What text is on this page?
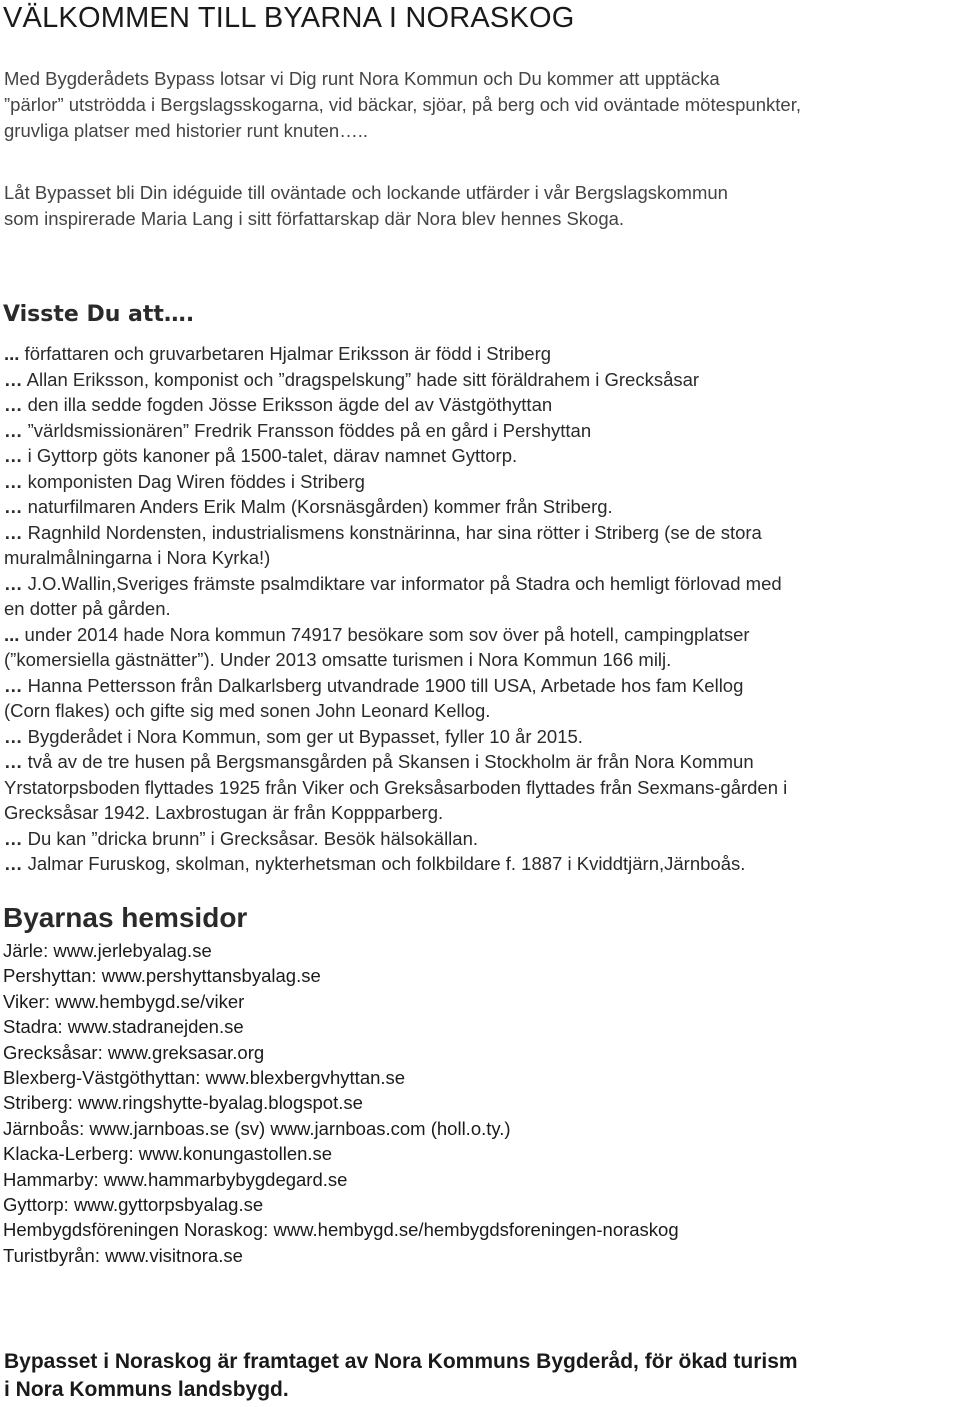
VÄLKOMMEN TILL BYARNA I NORASKOG

Med Bygderådets Bypass lotsar vi Dig runt Nora Kommun och Du kommer att upptäcka
”pärlor” utströdda i Bergslagsskogarna, vid bäckar, sjöar, på berg och vid oväntade mötespunkter,
gruvliga platser med historier runt knuten…..

Låt Bypasset bli Din idéguide till oväntade och lockande utfärder i vår Bergslagskommun
som inspirerade Maria Lang i sitt författarskap där Nora blev hennes Skoga.

Visste Du att….
... författaren och gruvarbetaren Hjalmar Eriksson är född i Striberg
… Allan Eriksson, komponist och ”dragspelskung” hade sitt föräldrahem i Grecksåsar
… den illa sedde fogden Jösse Eriksson ägde del av Västgöthyttan
… ”världsmissionären” Fredrik Fransson föddes på en gård i Pershyttan
… i Gyttorp göts kanoner på 1500-talet, därav namnet Gyttorp.
… komponisten Dag Wiren föddes i Striberg
… naturfilmaren Anders Erik Malm (Korsnäsgården) kommer från Striberg.
… Ragnhild Nordensten, industrialismens konstnärinna, har sina rötter i Striberg (se de stora
muralmålningarna i Nora Kyrka!)
… J.O.Wallin,Sveriges främste psalmdiktare var informator på Stadra och hemligt förlovad med
en dotter på gården.
... under 2014 hade Nora kommun 74917 besökare som sov över på hotell, campingplatser
(”komersiella gästnätter”). Under 2013 omsatte turismen i Nora Kommun 166 milj.
… Hanna Pettersson från Dalkarlsberg utvandrade 1900 till USA, Arbetade hos fam Kellog
(Corn flakes) och gifte sig med sonen John Leonard Kellog.
… Bygderådet i Nora Kommun, som ger ut Bypasset, fyller 10 år 2015.
… två av de tre husen på Bergsmansgården på Skansen i Stockholm är från Nora Kommun
Yrstatorpsboden flyttades 1925 från Viker och Greksåsarboden flyttades från Sexmans-gården i
Grecksåsar 1942. Laxbrostugan är från Koppparberg.
… Du kan ”dricka brunn” i Grecksåsar. Besök hälsokällan.
… Jalmar Furuskog, skolman, nykterhetsman och folkbildare f. 1887 i Kviddtjärn,Järnboås.
Byarnas hemsidor
Järle: www.jerlebyalag.se
Pershyttan: www.pershyttansbyalag.se
Viker: www.hembygd.se/viker
Stadra: www.stadranejden.se
Grecksåsar: www.greksasar.org
Blexberg-Västgöthyttan: www.blexbergvhyttan.se
Striberg: www.ringshytte-byalag.blogspot.se
Järnboås: www.jarnboas.se (sv) www.jarnboas.com (holl.o.ty.)
Klacka-Lerberg: www.konungastollen.se
Hammarby: www.hammarbybygdegard.se
Gyttorp: www.gyttorpsbyalag.se
Hembygdsföreningen Noraskog: www.hembygd.se/hembygdsforeningen-noraskog
Turistbyrån: www.visitnora.se

Bypasset i Noraskog är framtaget av Nora Kommuns Bygderåd, för ökad turism
i Nora Kommuns landsbygd.
